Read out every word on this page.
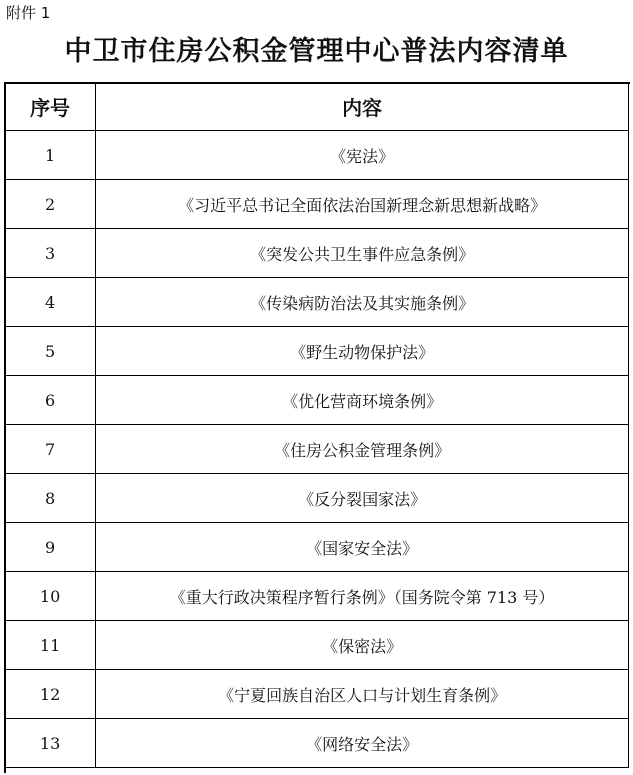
附件 1
中卫市住房公积金管理中心普法内容清单
序号	内容
1	《宪法》
2	《习近平总书记全面依法治国新理念新思想新战略》
3	《突发公共卫生事件应急条例》
4	《传染病防治法及其实施条例》
5	《野生动物保护法》
6	《优化营商环境条例》
7	《住房公积金管理条例》
8	《反分裂国家法》
9	《国家安全法》
10	《重大行政决策程序暂行条例》（国务院令第 713 号）
11	《保密法》
12	《宁夏回族自治区人口与计划生育条例》
13	《网络安全法》
